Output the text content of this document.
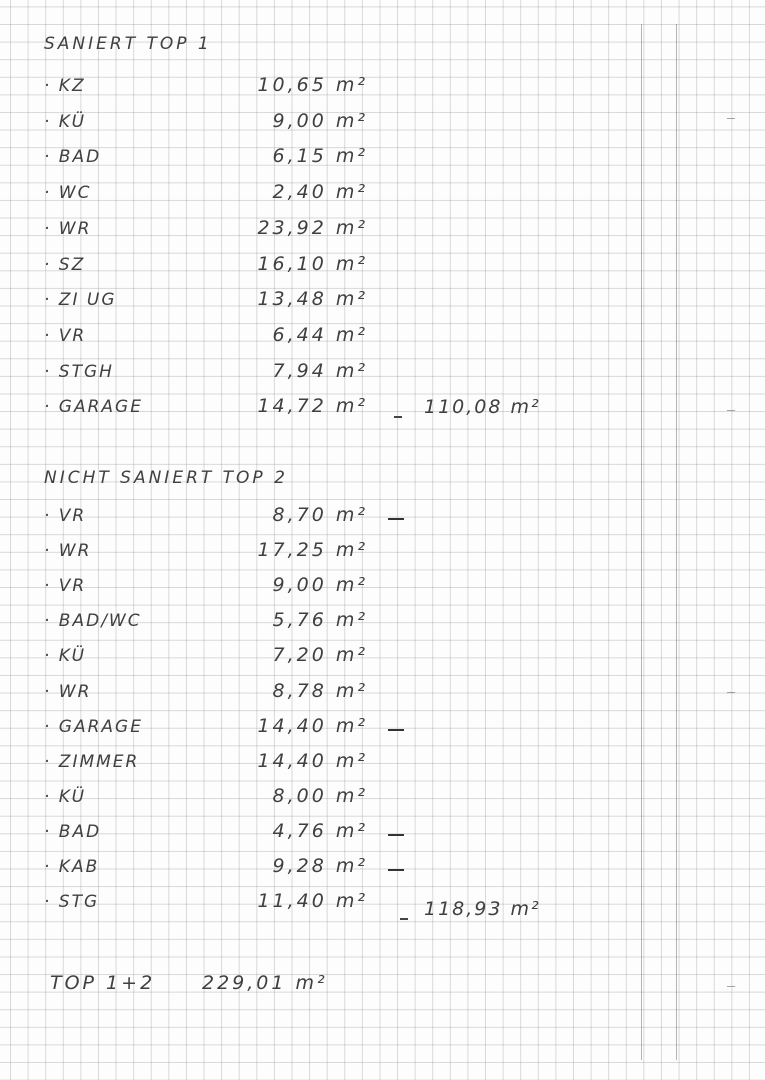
SANIERT TOP 1
· KZ	10,65 m²
· KÜ	9,00 m²
· BAD	6,15 m²
· WC	2,40 m²
· WR	23,92 m²
· SZ	16,10 m²
· ZI UG	13,48 m²
· VR	6,44 m²
· STGH	7,94 m²
· GARAGE	14,72 m²	110,08 m²
NICHT SANIERT TOP 2
· VR	8,70 m²
· WR	17,25 m²
· VR	9,00 m²
· BAD/WC	5,76 m²
· KÜ	7,20 m²
· WR	8,78 m²
· GARAGE	14,40 m²
· ZIMMER	14,40 m²
· KÜ	8,00 m²
· BAD	4,76 m²
· KAB	9,28 m²
· STG	11,40 m²	118,93 m²
TOP 1+2 229,01 m²
